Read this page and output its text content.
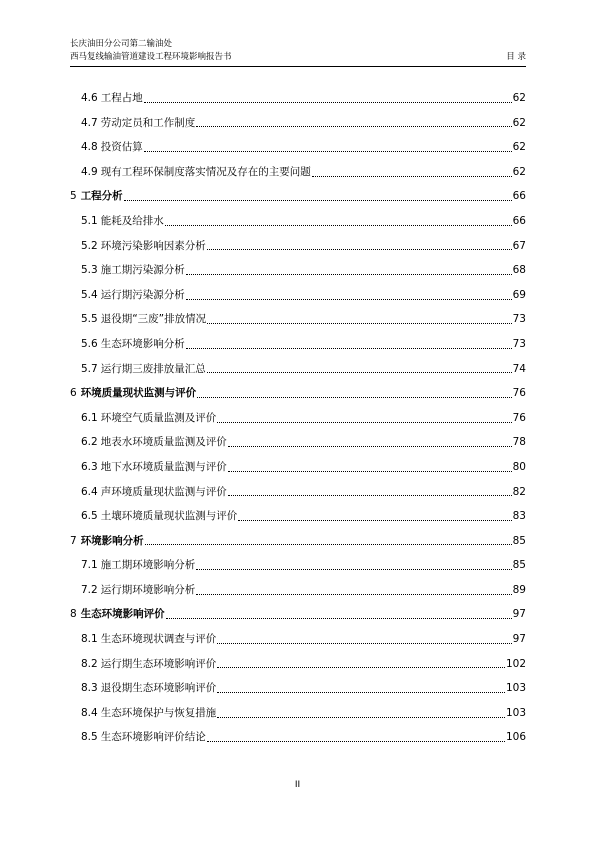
长庆油田分公司第二输油处
西马复线输油管道建设工程环境影响报告书	目 录
4.6 工程占地	62
4.7 劳动定员和工作制度	62
4.8 投资估算	62
4.9 现有工程环保制度落实情况及存在的主要问题	62
5 工程分析	66
5.1 能耗及给排水	66
5.2 环境污染影响因素分析	67
5.3 施工期污染源分析	68
5.4 运行期污染源分析	69
5.5 退役期“三废”排放情况	73
5.6 生态环境影响分析	73
5.7 运行期三废排放量汇总	74
6 环境质量现状监测与评价	76
6.1 环境空气质量监测及评价	76
6.2 地表水环境质量监测及评价	78
6.3 地下水环境质量监测与评价	80
6.4 声环境质量现状监测与评价	82
6.5 土壤环境质量现状监测与评价	83
7 环境影响分析	85
7.1 施工期环境影响分析	85
7.2 运行期环境影响分析	89
8 生态环境影响评价	97
8.1 生态环境现状调查与评价	97
8.2 运行期生态环境影响评价	102
8.3 退役期生态环境影响评价	103
8.4 生态环境保护与恢复措施	103
8.5 生态环境影响评价结论	106
II
